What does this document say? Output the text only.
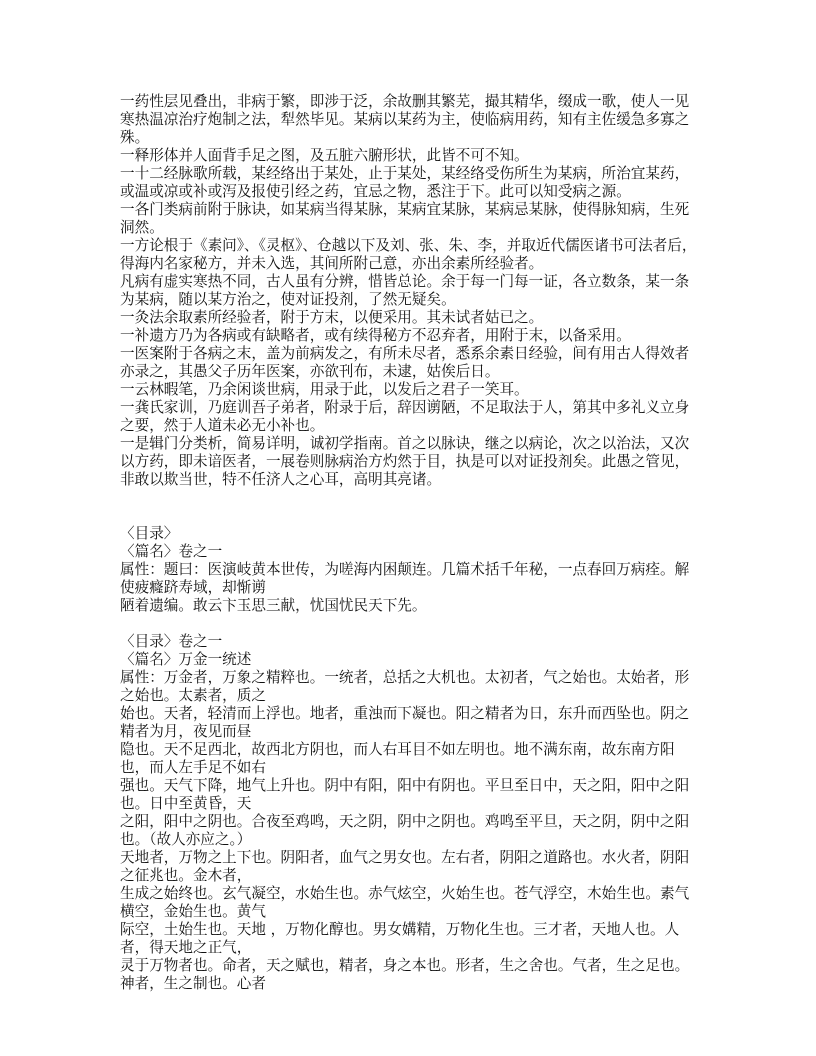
一药性层见叠出，非病于繁，即涉于泛，余故删其繁芜，撮其精华，缀成一歌，使人一见寒热温凉治疗炮制之法，犁然毕见。某病以某药为主，使临病用药，知有主佐缓急多寡之殊。

一释形体并人面背手足之图，及五脏六腑形状，此皆不可不知。

一十二经脉歌所载，某经络出于某处，止于某处，某经络受伤所生为某病，所治宜某药，或温或凉或补或泻及报使引经之药，宜忌之物，悉注于下。此可以知受病之源。

一各门类病前附于脉诀，如某病当得某脉，某病宜某脉，某病忌某脉，使得脉知病，生死洞然。

一方论根于《素问》、《灵枢》、仓越以下及刘、张、朱、李，并取近代儒医诸书可法者后，得海内名家秘方，并未入选，其间所附己意，亦出余素所经验者。

凡病有虚实寒热不同，古人虽有分辨，惜皆总论。余于每一门每一证，各立数条，某一条为某病，随以某方治之，使对证投剂，了然无疑矣。

一灸法余取素所经验者，附于方末，以便采用。其未试者姑已之。

一补遗方乃为各病或有缺略者，或有续得秘方不忍弃者，用附于末，以备采用。

一医案附于各病之末，盖为前病发之，有所未尽者，悉系余素日经验，间有用古人得效者亦录之，其愚父子历年医案，亦欲刊布，未逮，姑俟后日。

一云林暇笔，乃余闲谈世病，用录于此，以发后之君子一笑耳。

一龚氏家训，乃庭训吾子弟者，附录于后，辞因谫陋，不足取法于人，第其中多礼义立身之要，然于人道未必无小补也。

一是辑门分类析，简易详明，诚初学指南。首之以脉诀，继之以病论，次之以治法，又次以方药，即未谙医者，一展卷则脉病治方灼然于目，执是可以对证投剂矣。此愚之管见，非敢以欺当世，特不任济人之心耳，高明其亮诸。

〈目录〉

〈篇名〉卷之一

属性：题曰：医演岐黄本世传，为嗟海内困颠连。几篇术括千年秘，一点春回万病痊。解使疲癃跻寿域，却惭谫

陋着遗编。敢云卞玉思三献，忧国忧民天下先。

〈目录〉卷之一

〈篇名〉万金一统述

属性：万金者，万象之精粹也。一统者，总括之大机也。太初者，气之始也。太始者，形之始也。太素者，质之

始也。天者，轻清而上浮也。地者，重浊而下凝也。阳之精者为日，东升而西坠也。阴之精者为月，夜见而昼

隐也。天不足西北，故西北方阴也，而人右耳目不如左明也。地不满东南，故东南方阳也，而人左手足不如右

强也。天气下降，地气上升也。阴中有阳，阳中有阴也。平旦至日中，天之阳，阳中之阳也。日中至黄昏，天

之阳，阳中之阴也。合夜至鸡鸣，天之阴，阴中之阴也。鸡鸣至平旦，天之阴，阴中之阳也。（故人亦应之。）

天地者，万物之上下也。阴阳者，血气之男女也。左右者，阴阳之道路也。水火者，阴阳之征兆也。金木者，

生成之始终也。玄气凝空，水始生也。赤气炫空，火始生也。苍气浮空，木始生也。素气横空，金始生也。黄气

际空，土始生也。天地 ，万物化醇也。男女媾精，万物化生也。三才者，天地人也。人者，得天地之正气，

灵于万物者也。命者，天之赋也，精者，身之本也。形者，生之舍也。气者，生之足也。神者，生之制也。心者
